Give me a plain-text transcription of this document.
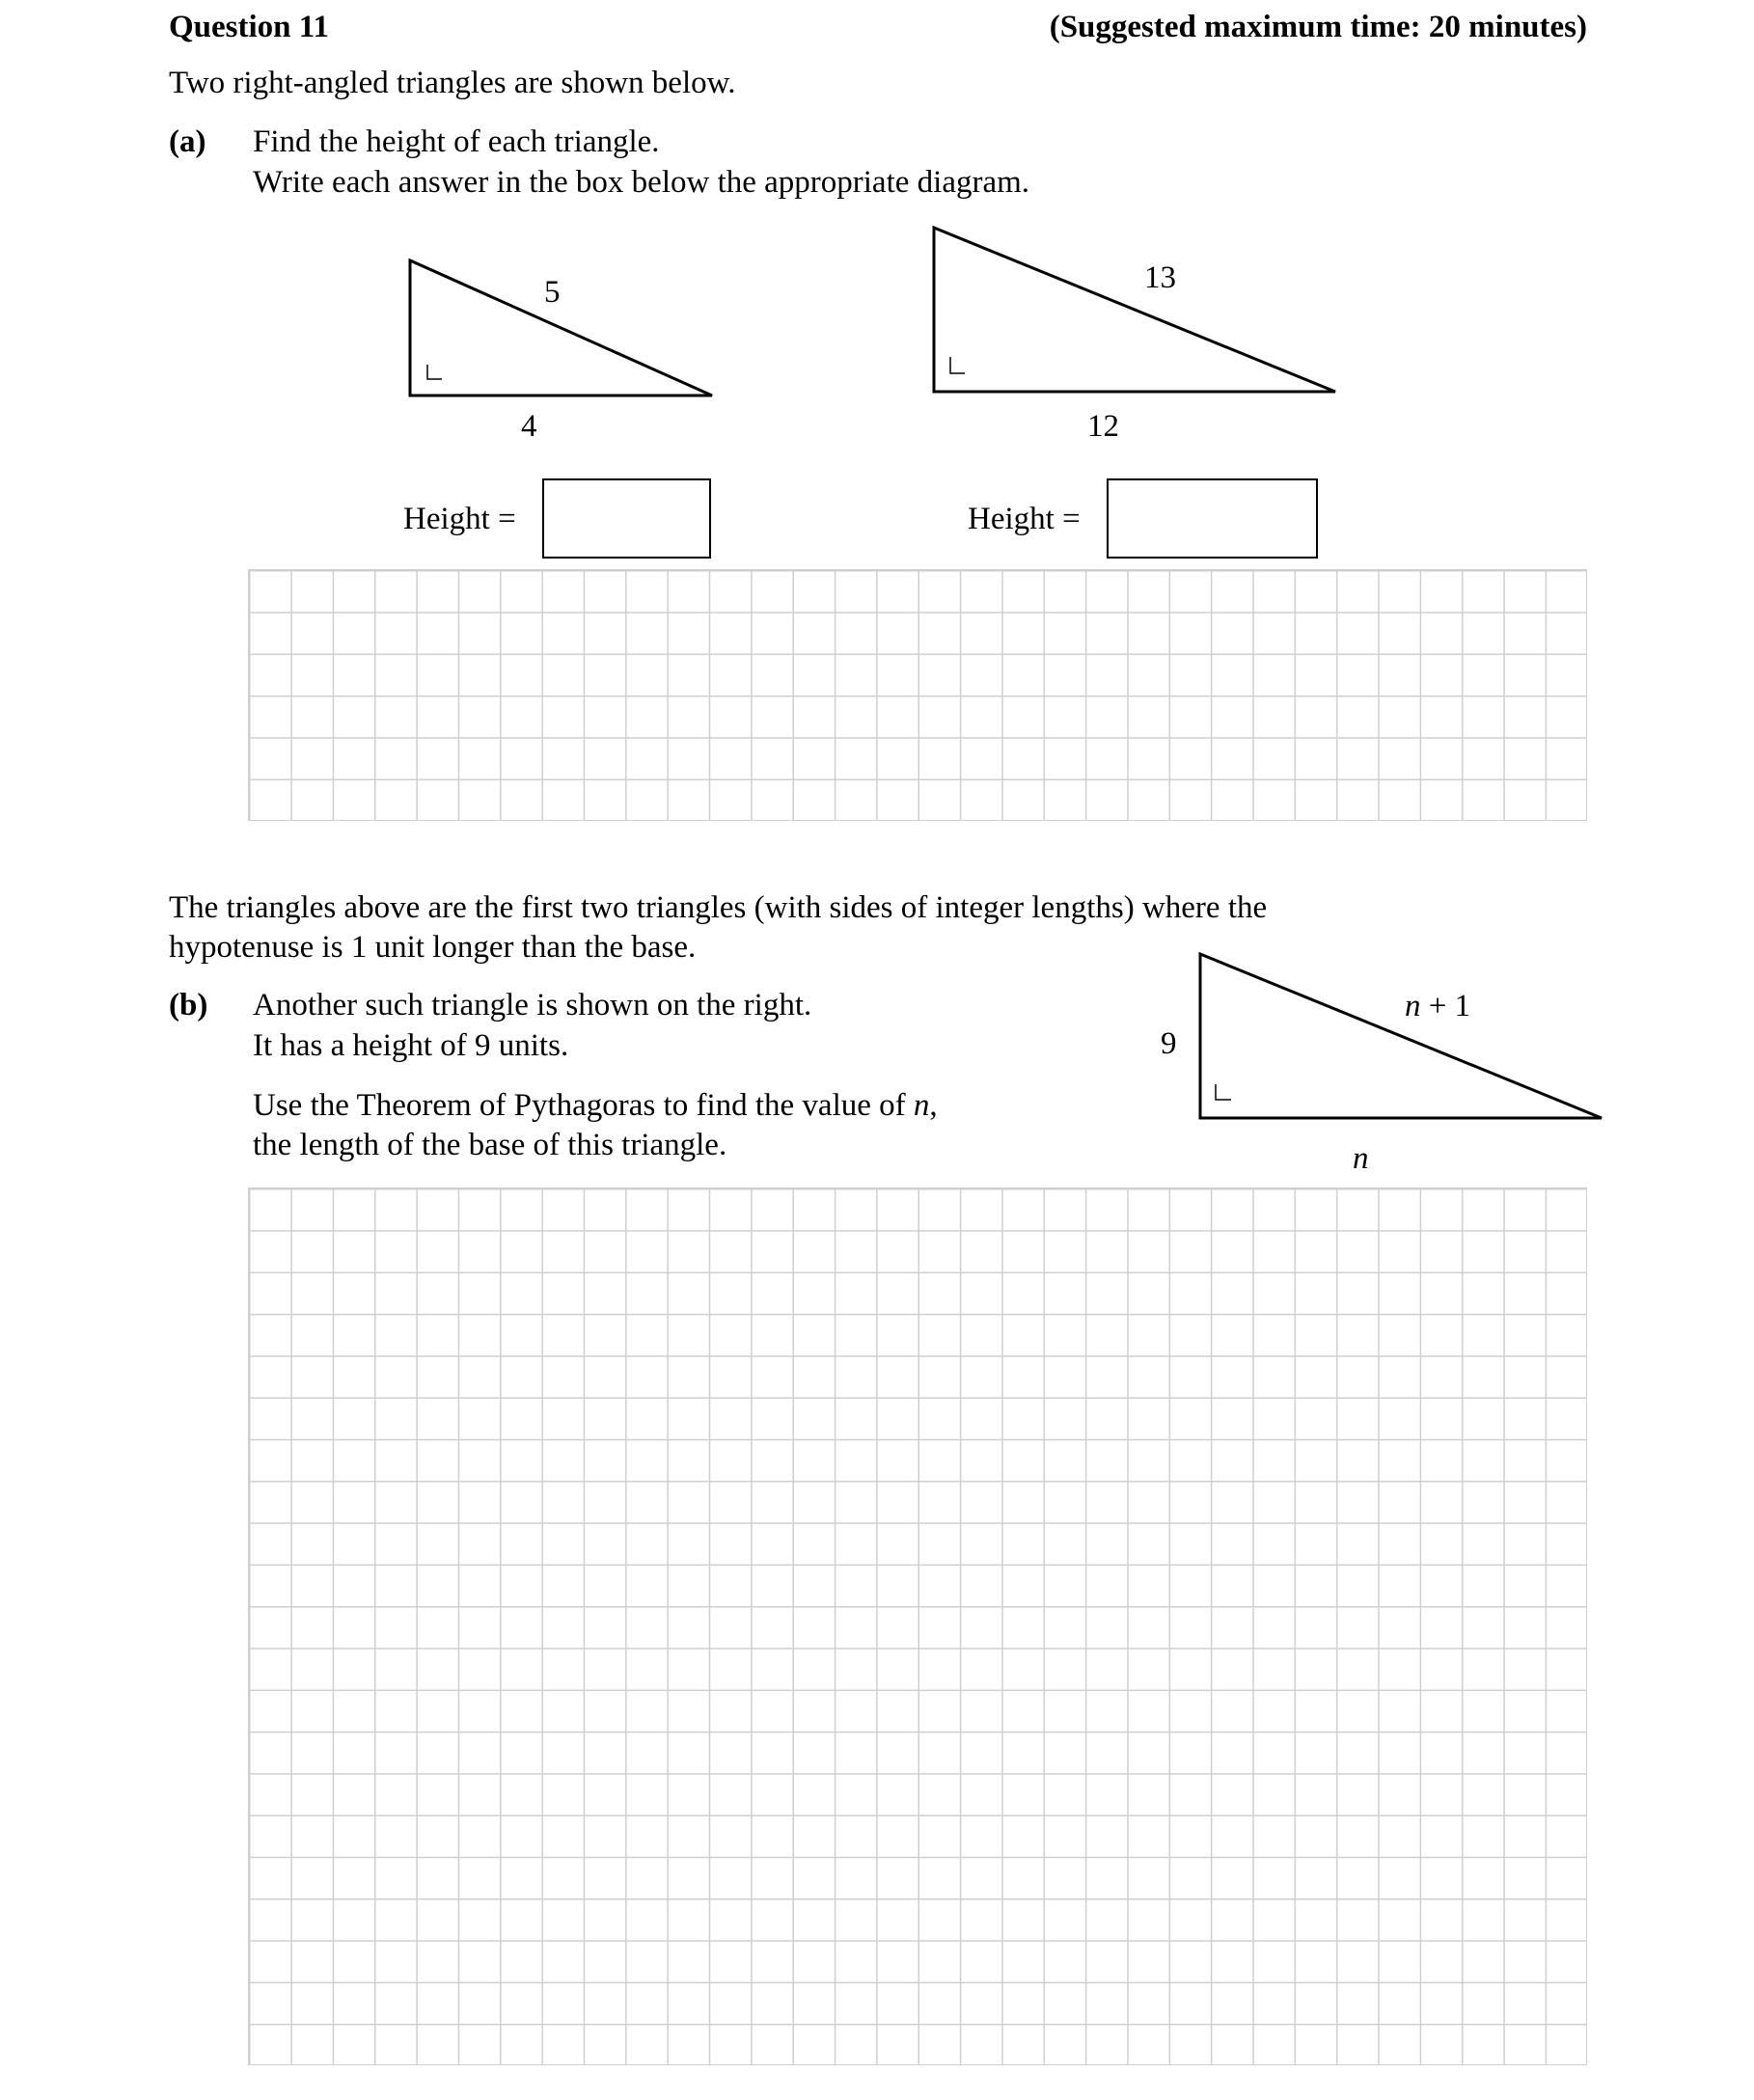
Question 11	(Suggested maximum time: 20 minutes)
Two right-angled triangles are shown below.
(a) Find the height of each triangle.
Write each answer in the box below the appropriate diagram.
5
4
13
12
Height =	Height =
The triangles above are the first two triangles (with sides of integer lengths) where the
hypotenuse is 1 unit longer than the base.
(b) Another such triangle is shown on the right.
It has a height of 9 units.
Use the Theorem of Pythagoras to find the value of n,
the length of the base of this triangle.
9
n + 1
n
